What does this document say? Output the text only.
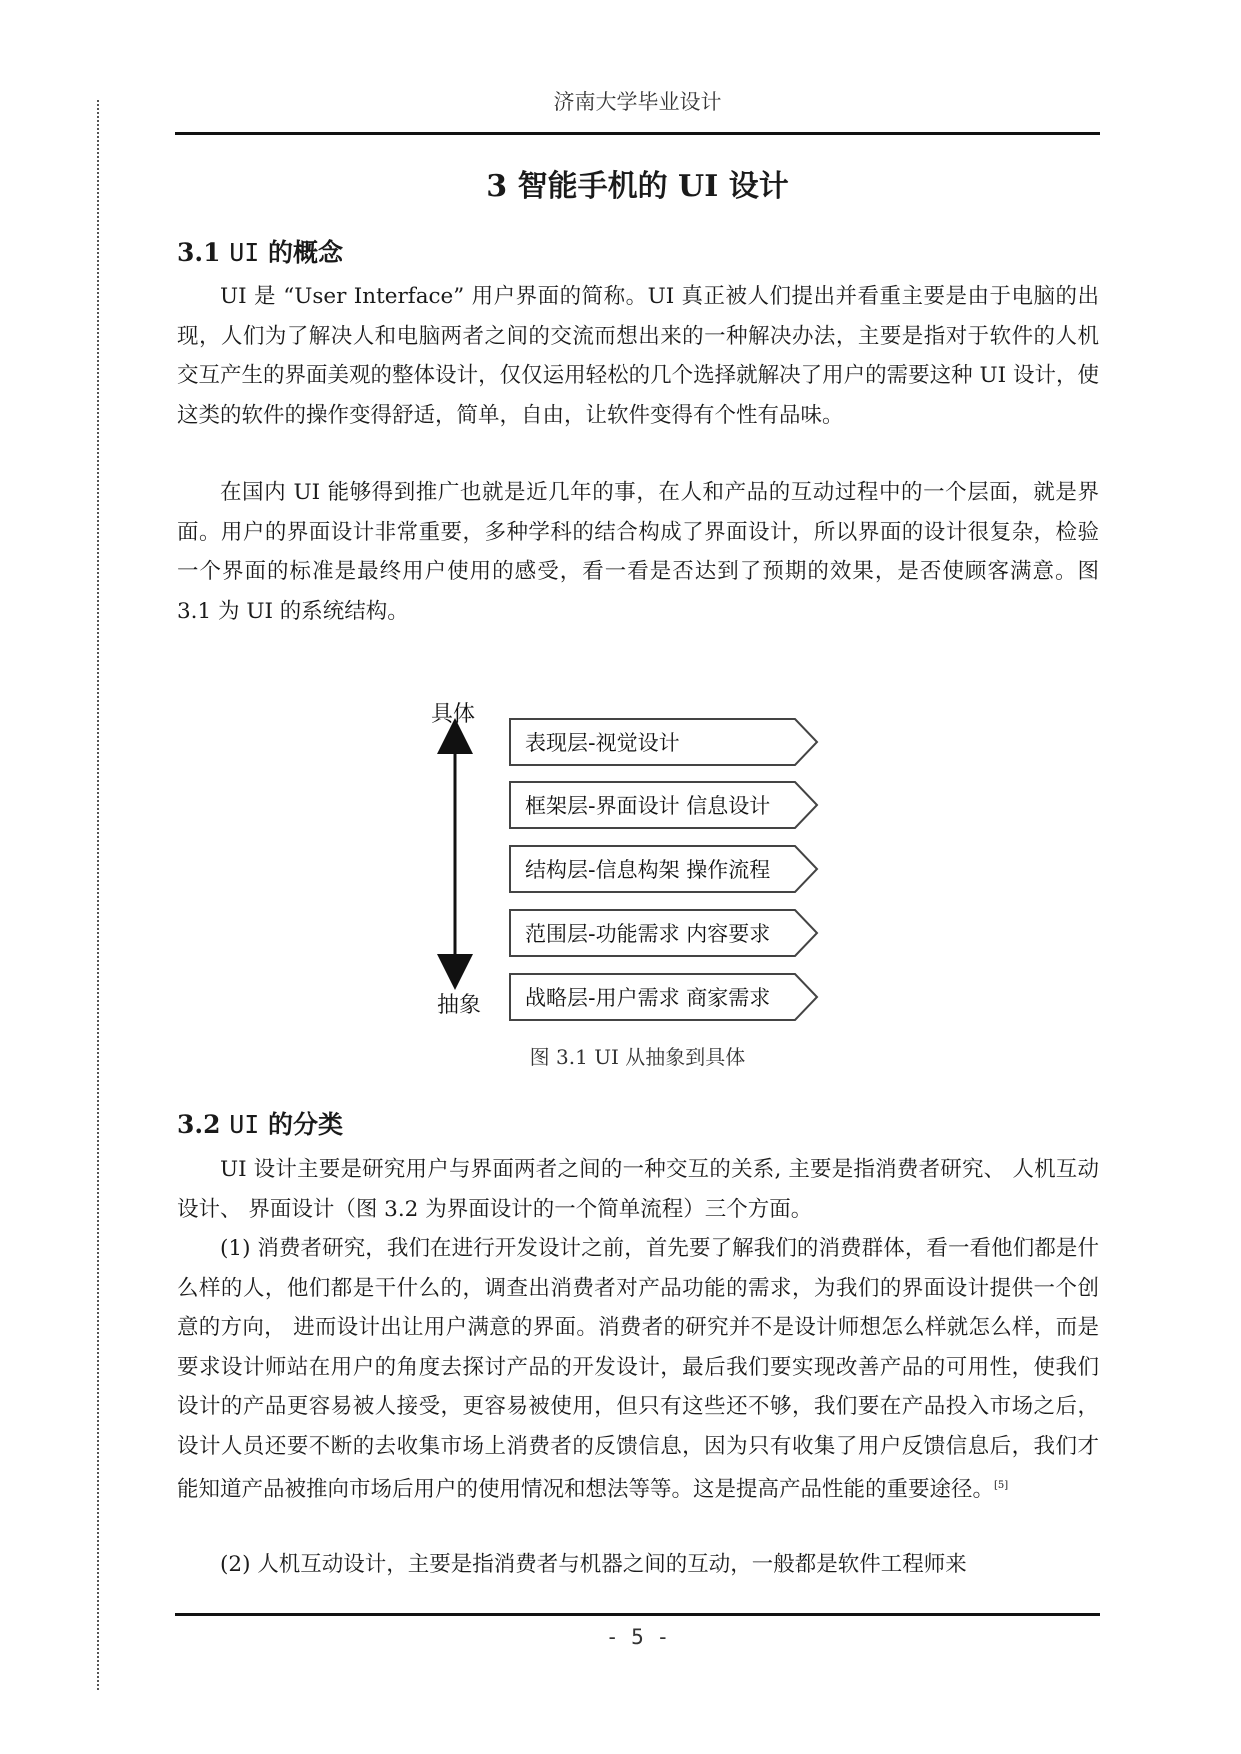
济南大学毕业设计
3 智能手机的 UI 设计
3.1 UI 的概念

UI 是 “User Interface” 用户界面的简称。UI 真正被人们提出并看重主要是由于电脑的出现，人们为了解决人和电脑两者之间的交流而想出来的一种解决办法，主要是指对于软件的人机交互产生的界面美观的整体设计，仅仅运用轻松的几个选择就解决了用户的需要这种 UI 设计，使这类的软件的操作变得舒适，简单，自由，让软件变得有个性有品味。

在国内 UI 能够得到推广也就是近几年的事，在人和产品的互动过程中的一个层面，就是界面。用户的界面设计非常重要，多种学科的结合构成了界面设计，所以界面的设计很复杂，检验一个界面的标准是最终用户使用的感受，看一看是否达到了预期的效果，是否使顾客满意。图 3.1 为 UI 的系统结构。

具体
抽象
表现层-视觉设计
框架层-界面设计 信息设计
结构层-信息构架 操作流程
范围层-功能需求 内容要求
战略层-用户需求 商家需求
图 3.1 UI 从抽象到具体
3.2 UI 的分类

UI 设计主要是研究用户与界面两者之间的一种交互的关系, 主要是指消费者研究、 人机互动设计、 界面设计（图 3.2 为界面设计的一个简单流程）三个方面。

(1) 消费者研究，我们在进行开发设计之前，首先要了解我们的消费群体，看一看他们都是什么样的人，他们都是干什么的，调查出消费者对产品功能的需求，为我们的界面设计提供一个创意的方向， 进而设计出让用户满意的界面。消费者的研究并不是设计师想怎么样就怎么样，而是要求设计师站在用户的角度去探讨产品的开发设计，最后我们要实现改善产品的可用性，使我们设计的产品更容易被人接受，更容易被使用，但只有这些还不够，我们要在产品投入市场之后，设计人员还要不断的去收集市场上消费者的反馈信息，因为只有收集了用户反馈信息后，我们才能知道产品被推向市场后用户的使用情况和想法等等。这是提高产品性能的重要途径。[5]

(2) 人机互动设计，主要是指消费者与机器之间的互动，一般都是软件工程师来

- 5 -
